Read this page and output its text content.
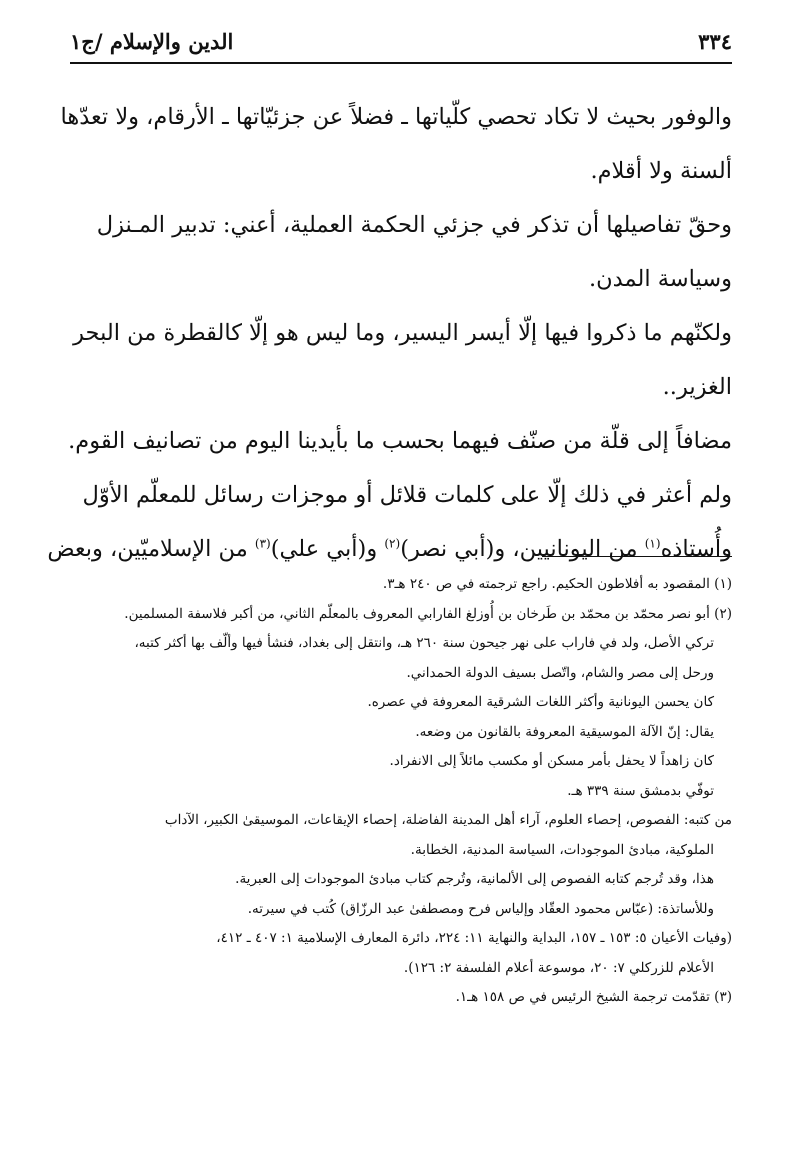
٣٣٤
الدين والإسلام /ج١

والوفور بحيث لا تكاد تحصي كلّياتها ـ فضلاً عن جزئيّاتها ـ الأرقام، ولا تعدّها
ألسنة ولا أقلام.
وحقّ تفاصيلها أن تذكر في جزئي الحكمة العملية، أعني: تدبير المـنزل
وسياسة المدن.
ولكنّهم ما ذكروا فيها إلّا أيسر اليسير، وما ليس هو إلّا كالقطرة من البحر
الغزير..
مضافاً إلى قلّة من صنّف فيهما بحسب ما بأيدينا اليوم من تصانيف القوم.
ولم أعثر في ذلك إلّا على كلمات قلائل أو موجزات رسائل للمعلّم الأوّل
وأُستاذه$^{(١)}$ من اليونانيين، و(أبي نصر)$^{(٢)}$ و(أبي علي)$^{(٣)}$ من الإسلاميّين، وبعض

(١) المقصود به أفلاطون الحكيم. راجع ترجمته في ص ٢٤٠ هـ٣.
(٢) أبو نصر محمّد بن محمّد بن طَرخان بن أُوزلغ الفارابي المعروف بالمعلّم الثاني، من أكبر فلاسفة المسلمين.
تركي الأصل، ولد في فاراب على نهر جيحون سنة ٢٦٠ هـ، وانتقل إلى بغداد، فنشأ فيها وألّف بها أكثر كتبه،
ورحل إلى مصر والشام، واتّصل بسيف الدولة الحمداني.
كان يحسن اليونانية وأكثر اللغات الشرقية المعروفة في عصره.
يقال: إنّ الآلة الموسيقية المعروفة بالقانون من وضعه.
كان زاهداً لا يحفل بأمر مسكن أو مكسب مائلاً إلى الانفراد.
توفّي بدمشق سنة ٣٣٩ هـ.
من كتبه: الفصوص، إحصاء العلوم، آراء أهل المدينة الفاضلة، إحصاء الإيقاعات، الموسيقىٰ الكبير، الآداب
الملوكية، مبادئ الموجودات، السياسة المدنية، الخطابة.
هذا، وقد تُرجم كتابه الفصوص إلى الألمانية، وتُرجم كتاب مبادئ الموجودات إلى العبرية.
وللأساتذة: (عبّاس محمود العقّاد وإلياس فرح ومصطفىٰ عبد الرزّاق) كُتب في سيرته.
(وفيات الأعيان ٥: ١٥٣ ـ ١٥٧، البداية والنهاية ١١: ٢٢٤، دائرة المعارف الإسلامية ١: ٤٠٧ ـ ٤١٢،
الأعلام للزركلي ٧: ٢٠، موسوعة أعلام الفلسفة ٢: ١٢٦).
(٣) تقدّمت ترجمة الشيخ الرئيس في ص ١٥٨ هـ١.
